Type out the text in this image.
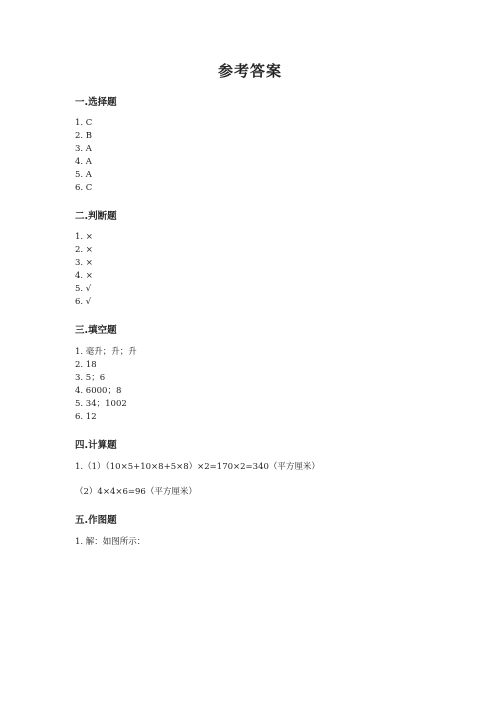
参考答案
一.选择题
1. C
2. B
3. A
4. A
5. A
6. C
二.判断题
1. ×
2. ×
3. ×
4. ×
5. √
6. √
三.填空题
1. 毫升；升；升
2. 18
3. 5；6
4. 6000；8
5. 34；1002
6. 12
四.计算题
1.（1）（10×5+10×8+5×8）×2=170×2=340（平方厘米）
（2）4×4×6=96（平方厘米）
五.作图题
1. 解：如图所示：
